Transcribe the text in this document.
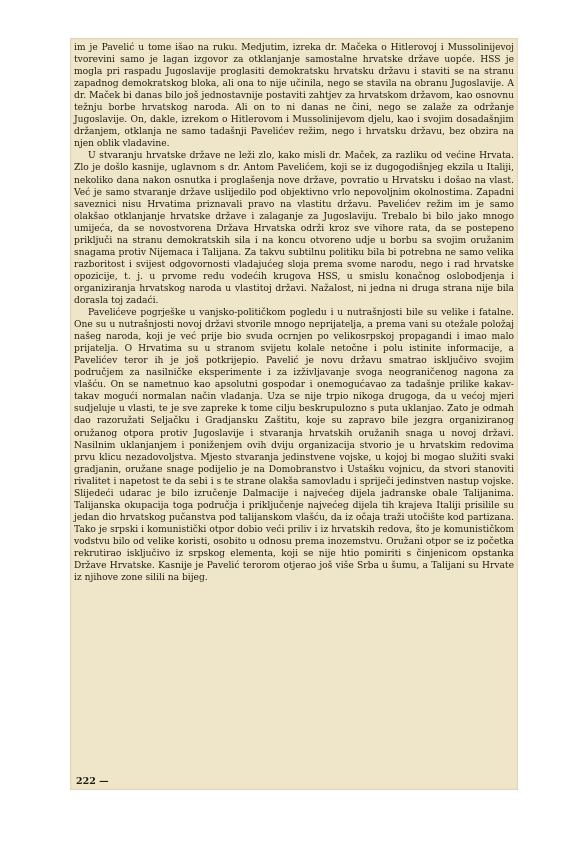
im je Pavelić u tome išao na ruku. Medjutim, izreka dr. Mačeka o Hitlerovoj i Mussolinijevoj tvorevini samo je lagan izgovor za otklanjanje samostalne hrvatske države uopće. HSS je mogla pri raspadu Jugoslavije proglasiti demokratsku hrvatsku državu i staviti se na stranu zapadnog demokratskog bloka, ali ona to nije učinila, nego se stavila na obranu Jugoslavije. A dr. Maček bi danas bilo još jednostavnije postaviti zahtjev za hrvatskom državom, kao osnovnu težnju borbe hrvatskog naroda. Ali on to ni danas ne čini, nego se zalaže za održanje Jugoslavije. On, dakle, izrekom o Hitlerovom i Mussolinijevom djelu, kao i svojim dosadašnjim držanjem, otklanja ne samo tadašnji Pavelićev režim, nego i hrvatsku državu, bez obzira na njen oblik vladavine.

U stvaranju hrvatske države ne leži zlo, kako misli dr. Maček, za razliku od većine Hrvata. Zlo je došlo kasnije, uglavnom s dr. Antom Pavelićem, koji se iz dugogodišnjeg ekzila u Italiji, nekoliko dana nakon osnutka i proglašenja nove države, povratio u Hrvatsku i došao na vlast. Već je samo stvaranje države uslijedilo pod objektivno vrlo nepovoljnim okolnostima. Zapadni saveznici nisu Hrvatima priznavali pravo na vlastitu državu. Pavelićev režim im je samo olakšao otklanjanje hrvatske države i zalaganje za Jugoslaviju. Trebalo bi bilo jako mnogo umijeća, da se novostvorena Država Hrvatska održi kroz sve vihore rata, da se postepeno priključi na stranu demokratskih sila i na koncu otvoreno udje u borbu sa svojim oružanim snagama protiv Nijemaca i Talijana. Za takvu subtilnu politiku bila bi potrebna ne samo velika razboritost i svijest odgovornosti vladajućeg sloja prema svome narodu, nego i rad hrvatske opozicije, t. j. u prvome redu vodećih krugova HSS, u smislu konačnog oslobodjenja i organiziranja hrvatskog naroda u vlastitoj državi. Nažalost, ni jedna ni druga strana nije bila dorasla toj zadaći.

Pavelićeve pogrješke u vanjsko-političkom pogledu i u nutrašnjosti bile su velike i fatalne. One su u nutrašnjosti novoj državi stvorile mnogo neprijatelja, a prema vani su otežale položaj našeg naroda, koji je već prije bio svuda ocrnjen po velikosrpskoj propagandi i imao malo prijatelja. O Hrvatima su u stranom svijetu kolale netočne i polu istinite informacije, a Pavelićev teror ih je još potkrijepio. Pavelić je novu državu smatrao isključivo svojim područjem za nasilničke eksperimente i za izživljavanje svoga neograničenog nagona za vlašću. On se nametnuo kao apsolutni gospodar i onemogućavao za tadašnje prilike kakav-takav mogući normalan način vladanja. Uza se nije trpio nikoga drugoga, da u većoj mjeri sudjeluje u vlasti, te je sve zapreke k tome cilju beskrupulozno s puta uklanjao. Zato je odmah dao razoružati Seljačku i Gradjansku Zaštitu, koje su zapravo bile jezgra organiziranog oružanog otpora protiv Jugoslavije i stvaranja hrvatskih oružanih snaga u novoj državi. Nasilnim uklanjanjem i poniženjem ovih dviju organizacija stvorio je u hrvatskim redovima prvu klicu nezadovoljstva. Mjesto stvaranja jedinstvene vojske, u kojoj bi mogao služiti svaki gradjanin, oružane snage podijelio je na Domobranstvo i Ustašku vojnicu, da stvori stanoviti rivalitet i napetost te da sebi i s te strane olakša samovladu i spriječi jedinstven nastup vojske. Slijedeći udarac je bilo izručenje Dalmacije i najvećeg dijela jadranske obale Talijanima. Talijanska okupacija toga područja i priključenje najvećeg dijela tih krajeva Italiji prisilile su jedan dio hrvatskog pučanstva pod talijanskom vlašću, da iz očaja traži utočište kod partizana. Tako je srpski i komunistički otpor dobio veći priliv i iz hrvatskih redova, što je komunističkom vodstvu bilo od velike koristi, osobito u odnosu prema inozemstvu. Oružani otpor se iz početka rekrutirao isključivo iz srpskog elementa, koji se nije htio pomiriti s činjenicom opstanka Države Hrvatske. Kasnije je Pavelić terorom otjerao još više Srba u šumu, a Talijani su Hrvate iz njihove zone silili na bijeg.

222 —
